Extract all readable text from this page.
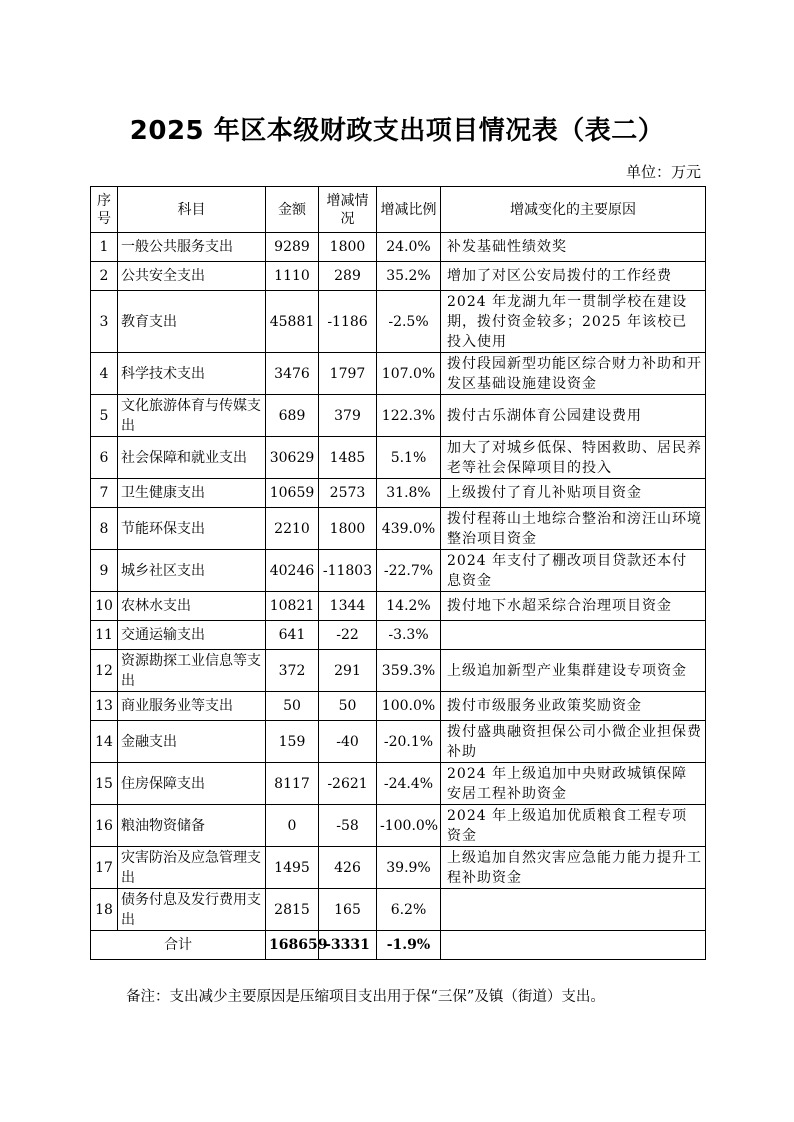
2025 年区本级财政支出项目情况表（表二）
单位：万元
序号	科目	金额	增减情况	增减比例	增减变化的主要原因
1	一般公共服务支出	9289	1800	24.0%	补发基础性绩效奖
2	公共安全支出	1110	289	35.2%	增加了对区公安局拨付的工作经费
3	教育支出	45881	-1186	-2.5%	2024 年龙湖九年一贯制学校在建设期，拨付资金较多；2025 年该校已投入使用
4	科学技术支出	3476	1797	107.0%	拨付段园新型功能区综合财力补助和开发区基础设施建设资金
5	文化旅游体育与传媒支出	689	379	122.3%	拨付古乐湖体育公园建设费用
6	社会保障和就业支出	30629	1485	5.1%	加大了对城乡低保、特困救助、居民养老等社会保障项目的投入
7	卫生健康支出	10659	2573	31.8%	上级拨付了育儿补贴项目资金
8	节能环保支出	2210	1800	439.0%	拨付程蒋山土地综合整治和滂汪山环境整治项目资金
9	城乡社区支出	40246	-11803	-22.7%	2024 年支付了棚改项目贷款还本付息资金
10	农林水支出	10821	1344	14.2%	拨付地下水超采综合治理项目资金
11	交通运输支出	641	-22	-3.3%	
12	资源勘探工业信息等支出	372	291	359.3%	上级追加新型产业集群建设专项资金
13	商业服务业等支出	50	50	100.0%	拨付市级服务业政策奖励资金
14	金融支出	159	-40	-20.1%	拨付盛典融资担保公司小微企业担保费补助
15	住房保障支出	8117	-2621	-24.4%	2024 年上级追加中央财政城镇保障安居工程补助资金
16	粮油物资储备	0	-58	-100.0%	2024 年上级追加优质粮食工程专项资金
17	灾害防治及应急管理支出	1495	426	39.9%	上级追加自然灾害应急能力能力提升工程补助资金
18	债务付息及发行费用支出	2815	165	6.2%	
合计		168659	-3331	-1.9%	
备注：支出减少主要原因是压缩项目支出用于保“三保”及镇（街道）支出。
